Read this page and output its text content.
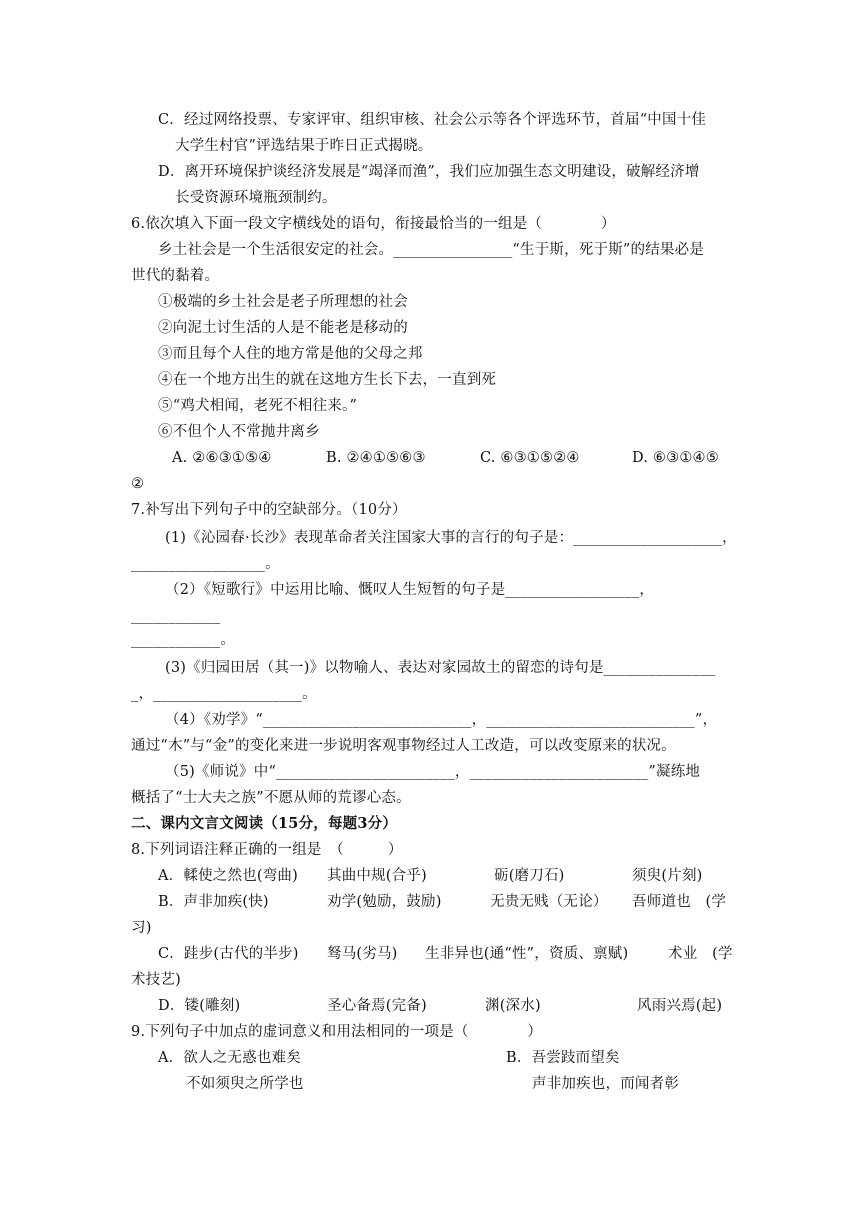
C．经过网络投票、专家评审、组织审核、社会公示等各个评选环节，首届“中国十佳
大学生村官”评选结果于昨日正式揭晓。
D．离开环境保护谈经济发展是“竭泽而渔”，我们应加强生态文明建设，破解经济增
长受资源环境瓶颈制约。
6.依次填入下面一段文字横线处的语句，衔接最恰当的一组是（　　　　）
乡土社会是一个生活很安定的社会。________________“生于斯，死于斯”的结果必是
世代的黏着。
①极端的乡土社会是老子所理想的社会
②向泥土讨生活的人是不能老是移动的
③而且每个人住的地方常是他的父母之邦
④在一个地方出生的就在这地方生长下去，一直到死
⑤“鸡犬相闻，老死不相往来。”
⑥不但个人不常抛井离乡
A. ②⑥③①⑤④	B. ②④①⑤⑥③	C. ⑥③①⑤②④	D. ⑥③①④⑤
②
7.补写出下列句子中的空缺部分。（10分）
(1)《沁园春·长沙》表现革命者关注国家大事的言行的句子是：____________________，
__________________。
（2）《短歌行》中运用比喻、慨叹人生短暂的句子是__________________，
____________
____________。
(3)《归园田居（其一)》以物喻人、表达对家园故土的留恋的诗句是_______________
_，____________________。
（4）《劝学》“____________________________，____________________________”，
通过“木”与“金”的变化来进一步说明客观事物经过人工改造，可以改变原来的状况。
（5)《师说》中“________________________，________________________”凝练地
概括了“士大夫之族”不愿从师的荒谬心态。
二、课内文言文阅读（15分，每题3分）
8.下列词语注释正确的一组是　（　　　）
A．輮使之然也(弯曲) 其曲中规(合乎)	砺(磨刀石)	须臾(片刻)
B．声非加疾(快)	劝学(勉励，鼓励)	无贵无贱（无论） 吾师道也　(学
习)
C．跬步(古代的半步) 驽马(劣马) 生非异也(通“性”，资质、禀赋)	术业　(学
术技艺)
D．镂(雕刻)	圣心备焉(完备)	渊(深水)	风雨兴焉(起)
9.下列句子中加点的虚词意义和用法相同的一项是（　　　　）
A．欲人之无惑也难矣	B．吾尝跂而望矣
不如须臾之所学也	声非加疾也，而闻者彰
